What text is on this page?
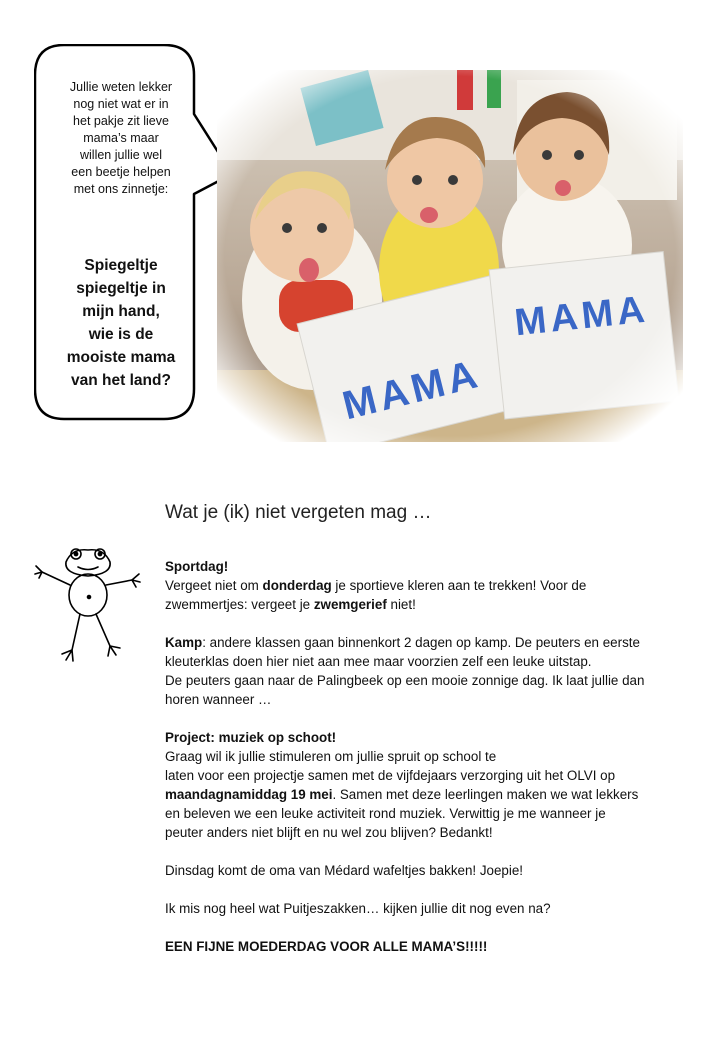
Jullie weten lekker
nog niet wat er in
het pakje zit lieve
mama’s maar
willen jullie wel
een beetje helpen
met ons zinnetje:
Spiegeltje
spiegeltje in
mijn hand,
wie is de
mooiste mama
van het land?
Wat je (ik) niet vergeten mag …

Sportdag!
Vergeet niet om donderdag je sportieve kleren aan te trekken! Voor de
zwemmertjes: vergeet je zwemgerief niet!

Kamp: andere klassen gaan binnenkort 2 dagen op kamp. De peuters en eerste
kleuterklas doen hier niet aan mee maar voorzien zelf een leuke uitstap.
De peuters gaan naar de Palingbeek op een mooie zonnige dag. Ik laat jullie dan
horen wanneer …

Project: muziek op schoot!
Graag wil ik jullie stimuleren om jullie spruit op school te
laten voor een projectje samen met de vijfdejaars verzorging uit het OLVI op
maandagnamiddag 19 mei. Samen met deze leerlingen maken we wat lekkers
en beleven we een leuke activiteit rond muziek. Verwittig je me wanneer je
peuter anders niet blijft en nu wel zou blijven? Bedankt!

Dinsdag komt de oma van Médard wafeltjes bakken! Joepie!

Ik mis nog heel wat Puitjeszakken… kijken jullie dit nog even na?

EEN FIJNE MOEDERDAG VOOR ALLE MAMA’S!!!!!
